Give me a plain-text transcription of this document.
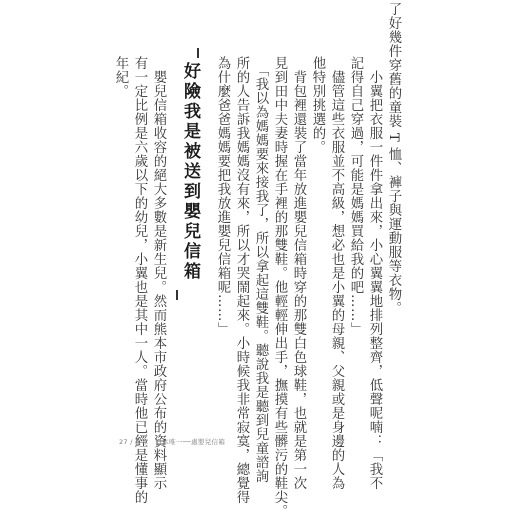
了好幾件穿舊的童裝 T 恤、褲子與運動服等衣物。
　小翼把衣服一件件拿出來，小心翼翼地排列整齊，低聲呢喃：「我不
記得自己穿過，可能是媽媽買給我的吧……」
　儘管這些衣服並不高級，想必也是小翼的母親、父親或是身邊的人為
他特別挑選的。
　背包裡還裝了當年放進嬰兒信箱時穿的那雙白色球鞋，也就是第一次
見到田中夫妻時握在手裡的那雙鞋。他輕輕伸出手，撫摸有些髒污的鞋尖。
　「我以為媽媽要來接我了，所以拿起這雙鞋。聽說我是聽到兒童諮詢
所的人告訴我媽媽沒有來，所以才哭鬧起來。小時候我非常寂寞，總覺得
為什麼爸爸媽媽要把我放進嬰兒信箱呢……」
好險我是被送到嬰兒信箱
　嬰兒信箱收容的絕大多數是新生兒。然而熊本市政府公布的資料顯示
有一定比例是六歲以下的幼兒，小翼也是其中一人。當時他已經是懂事的
年紀。
27 / 序章　日本唯一──處嬰兒信箱
